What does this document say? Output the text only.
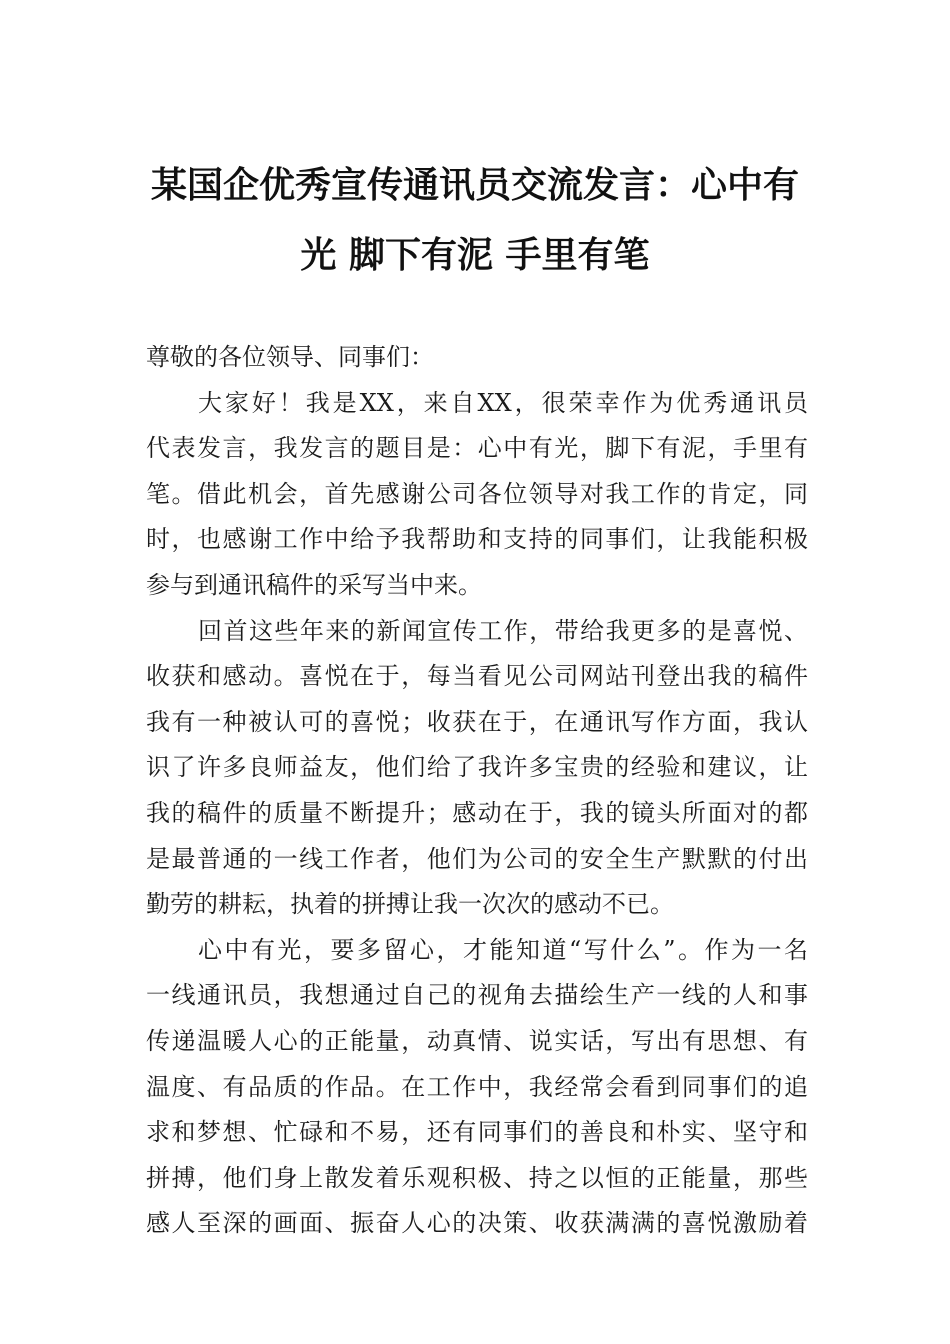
某国企优秀宣传通讯员交流发言：心中有
光 脚下有泥 手里有笔
尊敬的各位领导、同事们：
大家好！我是XX，来自XX，很荣幸作为优秀通讯员
代表发言，我发言的题目是：心中有光，脚下有泥，手里有
笔。借此机会，首先感谢公司各位领导对我工作的肯定，同
时，也感谢工作中给予我帮助和支持的同事们，让我能积极
参与到通讯稿件的采写当中来。
回首这些年来的新闻宣传工作，带给我更多的是喜悦、
收获和感动。喜悦在于，每当看见公司网站刊登出我的稿件
我有一种被认可的喜悦；收获在于，在通讯写作方面，我认
识了许多良师益友，他们给了我许多宝贵的经验和建议，让
我的稿件的质量不断提升；感动在于，我的镜头所面对的都
是最普通的一线工作者，他们为公司的安全生产默默的付出
勤劳的耕耘，执着的拼搏让我一次次的感动不已。
心中有光，要多留心，才能知道“写什么”。作为一名
一线通讯员，我想通过自己的视角去描绘生产一线的人和事
传递温暖人心的正能量，动真情、说实话，写出有思想、有
温度、有品质的作品。在工作中，我经常会看到同事们的追
求和梦想、忙碌和不易，还有同事们的善良和朴实、坚守和
拼搏，他们身上散发着乐观积极、持之以恒的正能量，那些
感人至深的画面、振奋人心的决策、收获满满的喜悦激励着
